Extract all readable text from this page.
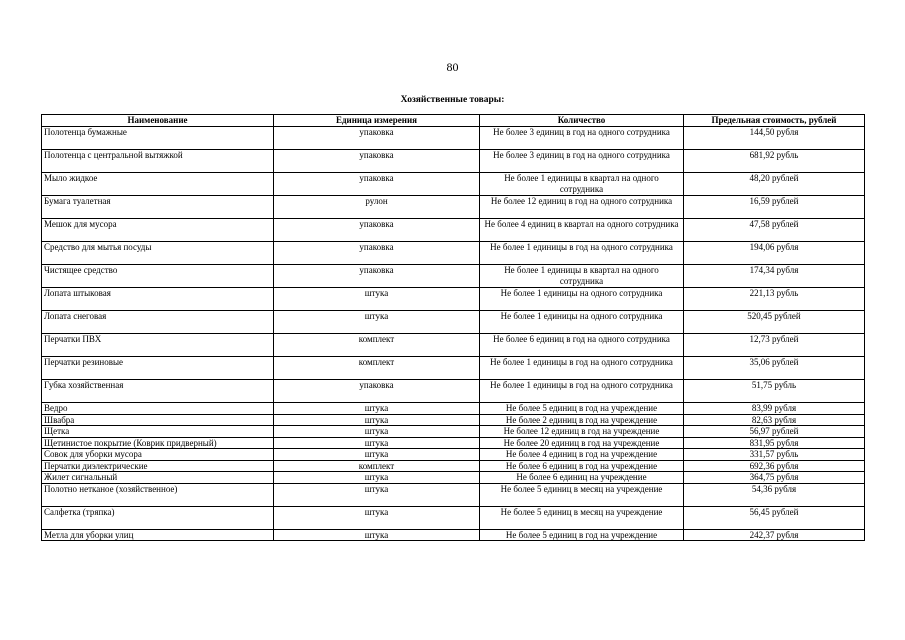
80
Хозяйственные товары:
Наименование	Единица измерения	Количество	Предельная стоимость, рублей
Полотенца бумажные	упаковка	Не более 3 единиц в год на одного сотрудника	144,50 рубля
Полотенца с центральной вытяжкой	упаковка	Не более 3 единиц в год на одного сотрудника	681,92 рубль
Мыло жидкое	упаковка	Не более 1 единицы в квартал на одного сотрудника	48,20 рублей
Бумага туалетная	рулон	Не более 12 единиц в год на одного сотрудника	16,59 рублей
Мешок для мусора	упаковка	Не более 4 единиц в квартал на одного сотрудника	47,58 рублей
Средство для мытья посуды	упаковка	Не более 1 единицы в год на одного сотрудника	194,06 рубля
Чистящее средство	упаковка	Не более 1 единицы в квартал на одного сотрудника	174,34 рубля
Лопата штыковая	штука	Не более 1 единицы на одного сотрудника	221,13 рубль
Лопата снеговая	штука	Не более 1 единицы на одного сотрудника	520,45 рублей
Перчатки ПВХ	комплект	Не более 6 единиц в год на одного сотрудника	12,73 рублей
Перчатки резиновые	комплект	Не более 1 единицы в год на одного сотрудника	35,06 рублей
Губка хозяйственная	упаковка	Не более 1 единицы в год на одного сотрудника	51,75 рубль
Ведро	штука	Не более 5 единиц в год на учреждение	83,99 рубля
Швабра	штука	Не более 2 единиц в год на учреждение	82,63 рубля
Щетка	штука	Не более 12 единиц в год на учреждение	56,97 рублей
Щетинистое покрытие (Коврик придверный)	штука	Не более 20 единиц в год на учреждение	831,95 рубля
Совок для уборки мусора	штука	Не более 4 единиц в год на учреждение	331,57 рубль
Перчатки диэлектрические	комплект	Не более 6 единиц в год на учреждение	692,36 рубля
Жилет сигнальный	штука	Не более 6 единиц на учреждение	364,75 рубля
Полотно нетканое (хозяйственное)	штука	Не более 5 единиц в месяц на учреждение	54,36 рубля
Салфетка (тряпка)	штука	Не более 5 единиц в месяц на учреждение	56,45 рублей
Метла для уборки улиц	штука	Не более 5 единиц в год на учреждение	242,37 рубля
